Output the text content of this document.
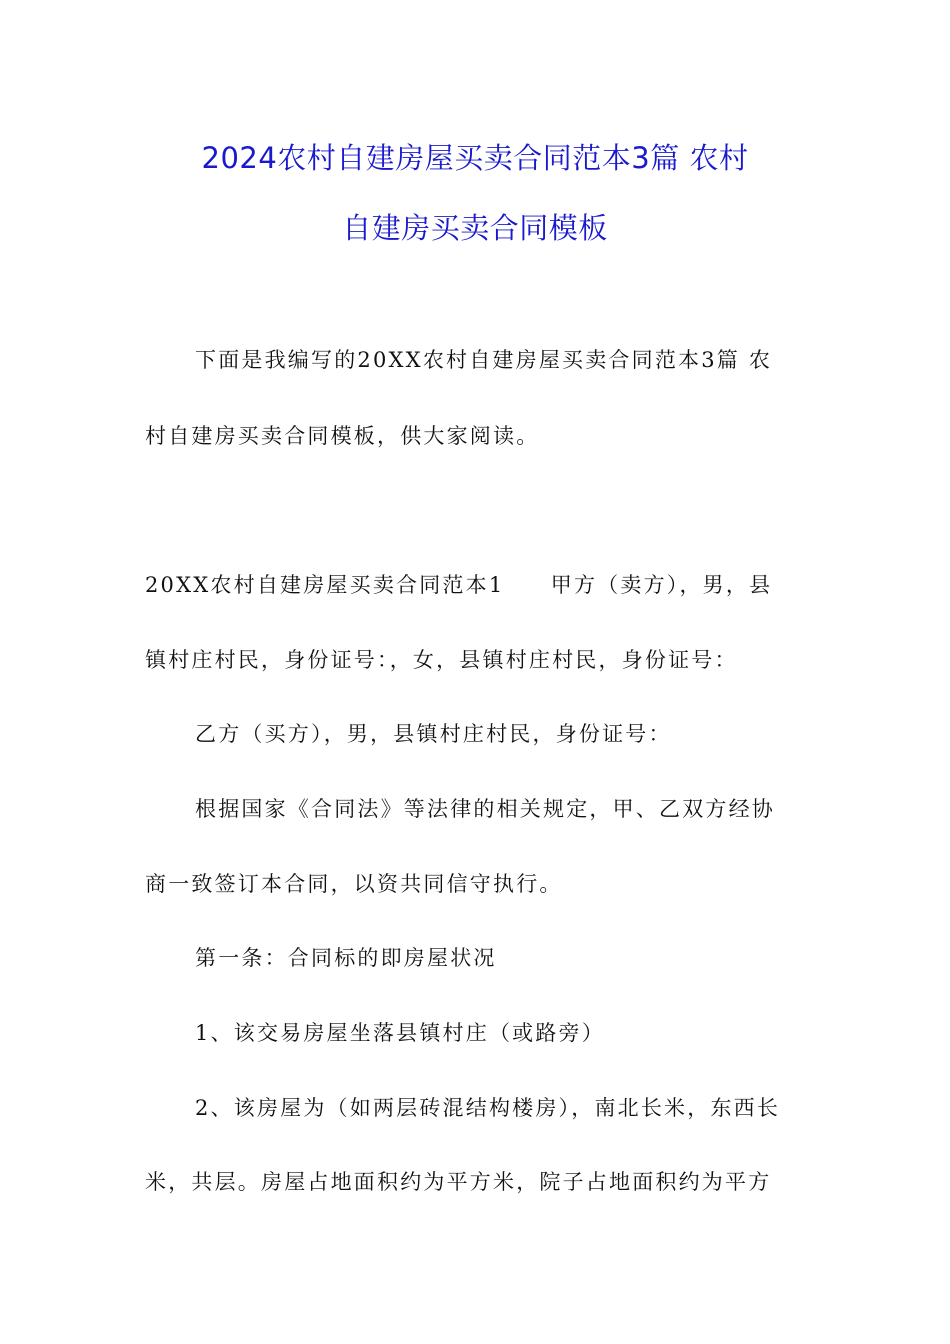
2024农村自建房屋买卖合同范本3篇 农村
自建房买卖合同模板
下面是我编写的20XX农村自建房屋买卖合同范本3篇 农
村自建房买卖合同模板，供大家阅读。
20XX农村自建房屋买卖合同范本1　　甲方（卖方），男，县
镇村庄村民，身份证号：，女，县镇村庄村民，身份证号：
乙方（买方），男，县镇村庄村民，身份证号：
根据国家《合同法》等法律的相关规定，甲、乙双方经协
商一致签订本合同，以资共同信守执行。
第一条：合同标的即房屋状况
1、该交易房屋坐落县镇村庄（或路旁）
2、该房屋为（如两层砖混结构楼房），南北长米，东西长
米，共层。房屋占地面积约为平方米，院子占地面积约为平方
